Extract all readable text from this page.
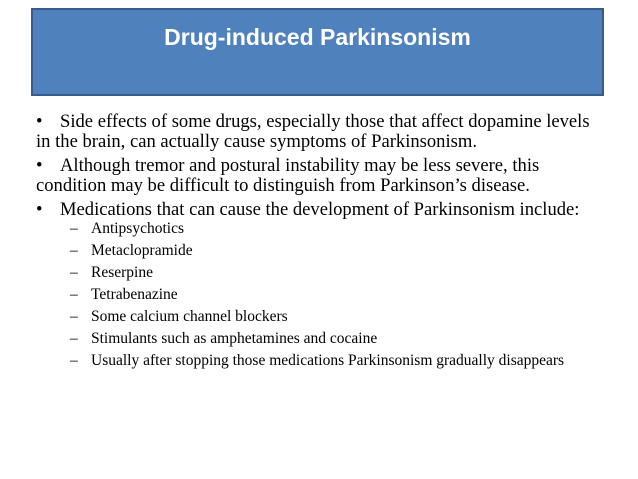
Drug-induced Parkinsonism
• Side effects of some drugs, especially those that affect dopamine levels in the brain, can actually cause symptoms of Parkinsonism.
• Although tremor and postural instability may be less severe, this condition may be difficult to distinguish from Parkinson’s disease.
• Medications that can cause the development of Parkinsonism include:
– Antipsychotics
– Metaclopramide
– Reserpine
– Tetrabenazine
– Some calcium channel blockers
– Stimulants such as amphetamines and cocaine
– Usually after stopping those medications Parkinsonism gradually disappears
